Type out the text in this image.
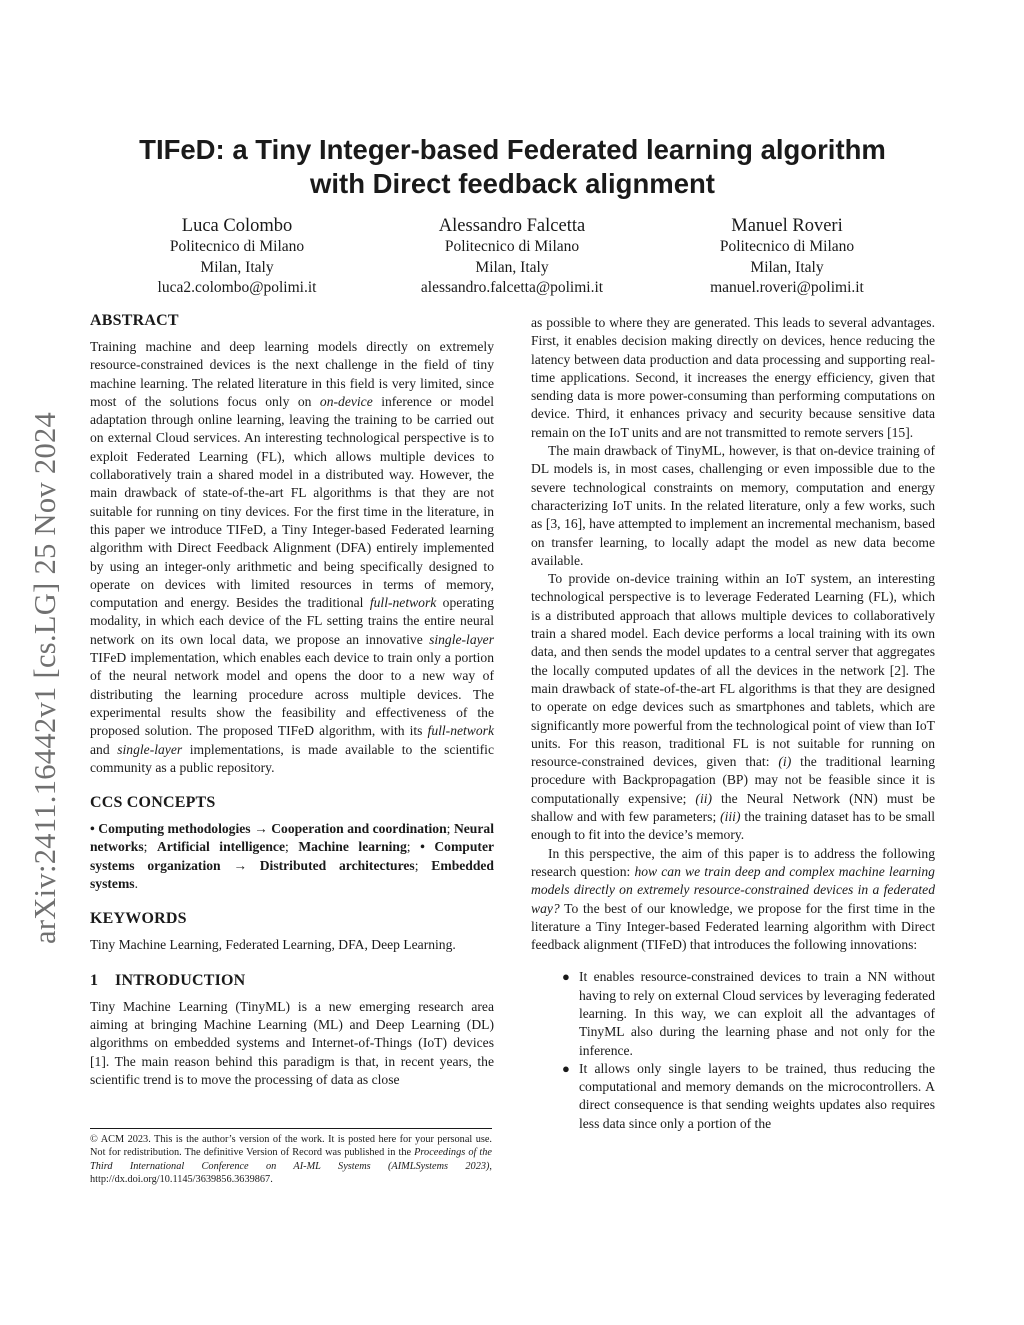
arXiv:2411.16442v1 [cs.LG] 25 Nov 2024
TIFeD: a Tiny Integer-based Federated learning algorithm
with Direct feedback alignment
Luca Colombo
Politecnico di Milano
Milan, Italy
luca2.colombo@polimi.it
Alessandro Falcetta
Politecnico di Milano
Milan, Italy
alessandro.falcetta@polimi.it
Manuel Roveri
Politecnico di Milano
Milan, Italy
manuel.roveri@polimi.it
ABSTRACT

Training machine and deep learning models directly on extremely resource-constrained devices is the next challenge in the field of tiny machine learning. The related literature in this field is very limited, since most of the solutions focus only on on-device inference or model adaptation through online learning, leaving the training to be carried out on external Cloud services. An interesting technological perspective is to exploit Federated Learning (FL), which allows multiple devices to collaboratively train a shared model in a distributed way. However, the main drawback of state-of-the-art FL algorithms is that they are not suitable for running on tiny devices. For the first time in the literature, in this paper we introduce TIFeD, a Tiny Integer-based Federated learning algorithm with Direct Feedback Alignment (DFA) entirely implemented by using an integer-only arithmetic and being specifically designed to operate on devices with limited resources in terms of memory, computation and energy. Besides the traditional full-network operating modality, in which each device of the FL setting trains the entire neural network on its own local data, we propose an innovative single-layer TIFeD implementation, which enables each device to train only a portion of the neural network model and opens the door to a new way of distributing the learning procedure across multiple devices. The experimental results show the feasibility and effectiveness of the proposed solution. The proposed TIFeD algorithm, with its full-network and single-layer implementations, is made available to the scientific community as a public repository.

CCS CONCEPTS

• Computing methodologies → Cooperation and coordination; Neural networks; Artificial intelligence; Machine learning; • Computer systems organization → Distributed architectures; Embedded systems.

KEYWORDS

Tiny Machine Learning, Federated Learning, DFA, Deep Learning.

1 INTRODUCTION

Tiny Machine Learning (TinyML) is a new emerging research area aiming at bringing Machine Learning (ML) and Deep Learning (DL) algorithms on embedded systems and Internet-of-Things (IoT) devices [1]. The main reason behind this paradigm is that, in recent years, the scientific trend is to move the processing of data as close

© ACM 2023. This is the author’s version of the work. It is posted here for your personal use. Not for redistribution. The definitive Version of Record was published in the Proceedings of the Third International Conference on AI-ML Systems (AIMLSystems 2023), http://dx.doi.org/10.1145/3639856.3639867.

as possible to where they are generated. This leads to several advantages. First, it enables decision making directly on devices, hence reducing the latency between data production and data processing and supporting real-time applications. Second, it increases the energy efficiency, given that sending data is more power-consuming than performing computations on device. Third, it enhances privacy and security because sensitive data remain on the IoT units and are not transmitted to remote servers [15].

The main drawback of TinyML, however, is that on-device training of DL models is, in most cases, challenging or even impossible due to the severe technological constraints on memory, computation and energy characterizing IoT units. In the related literature, only a few works, such as [3, 16], have attempted to implement an incremental mechanism, based on transfer learning, to locally adapt the model as new data become available.

To provide on-device training within an IoT system, an interesting technological perspective is to leverage Federated Learning (FL), which is a distributed approach that allows multiple devices to collaboratively train a shared model. Each device performs a local training with its own data, and then sends the model updates to a central server that aggregates the locally computed updates of all the devices in the network [2]. The main drawback of state-of-the-art FL algorithms is that they are designed to operate on edge devices such as smartphones and tablets, which are significantly more powerful from the technological point of view than IoT units. For this reason, traditional FL is not suitable for running on resource-constrained devices, given that: (i) the traditional learning procedure with Backpropagation (BP) may not be feasible since it is computationally expensive; (ii) the Neural Network (NN) must be shallow and with few parameters; (iii) the training dataset has to be small enough to fit into the device’s memory.

In this perspective, the aim of this paper is to address the following research question: how can we train deep and complex machine learning models directly on extremely resource-constrained devices in a federated way? To the best of our knowledge, we propose for the first time in the literature a Tiny Integer-based Federated learning algorithm with Direct feedback alignment (TIFeD) that introduces the following innovations:

● It enables resource-constrained devices to train a NN without having to rely on external Cloud services by leveraging federated learning. In this way, we can exploit all the advantages of TinyML also during the learning phase and not only for the inference.
● It allows only single layers to be trained, thus reducing the computational and memory demands on the microcontrollers. A direct consequence is that sending weights updates also requires less data since only a portion of the
